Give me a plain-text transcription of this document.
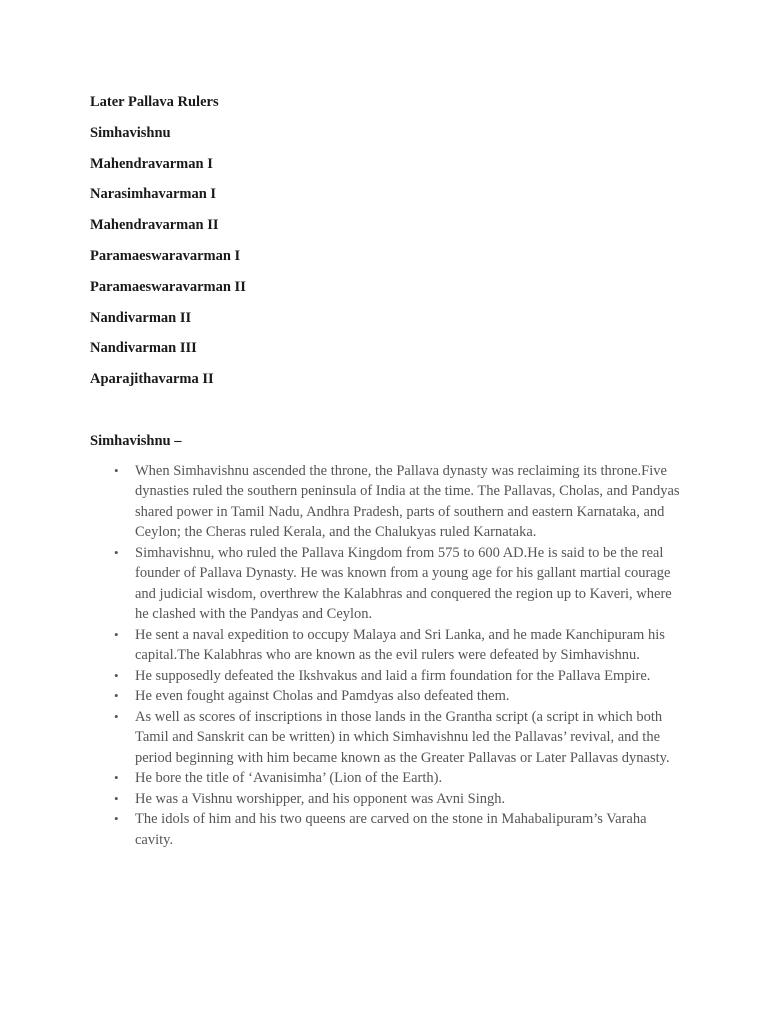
Later Pallava Rulers

Simhavishnu

Mahendravarman I

Narasimhavarman I

Mahendravarman II

Paramaeswaravarman I

Paramaeswaravarman II

Nandivarman II

Nandivarman III

Aparajithavarma II

Simhavishnu –

• When Simhavishnu ascended the throne, the Pallava dynasty was reclaiming its throne.Five dynasties ruled the southern peninsula of India at the time. The Pallavas, Cholas, and Pandyas shared power in Tamil Nadu, Andhra Pradesh, parts of southern and eastern Karnataka, and Ceylon; the Cheras ruled Kerala, and the Chalukyas ruled Karnataka.
• Simhavishnu, who ruled the Pallava Kingdom from 575 to 600 AD.He is said to be the real founder of Pallava Dynasty. He was known from a young age for his gallant martial courage and judicial wisdom, overthrew the Kalabhras and conquered the region up to Kaveri, where he clashed with the Pandyas and Ceylon.
• He sent a naval expedition to occupy Malaya and Sri Lanka, and he made Kanchipuram his capital.The Kalabhras who are known as the evil rulers were defeated by Simhavishnu.
• He supposedly defeated the Ikshvakus and laid a firm foundation for the Pallava Empire.
• He even fought against Cholas and Pamdyas also defeated them.
• As well as scores of inscriptions in those lands in the Grantha script (a script in which both Tamil and Sanskrit can be written) in which Simhavishnu led the Pallavas’ revival, and the period beginning with him became known as the Greater Pallavas or Later Pallavas dynasty.
• He bore the title of ‘Avanisimha’ (Lion of the Earth).
• He was a Vishnu worshipper, and his opponent was Avni Singh.
• The idols of him and his two queens are carved on the stone in Mahabalipuram’s Varaha cavity.
